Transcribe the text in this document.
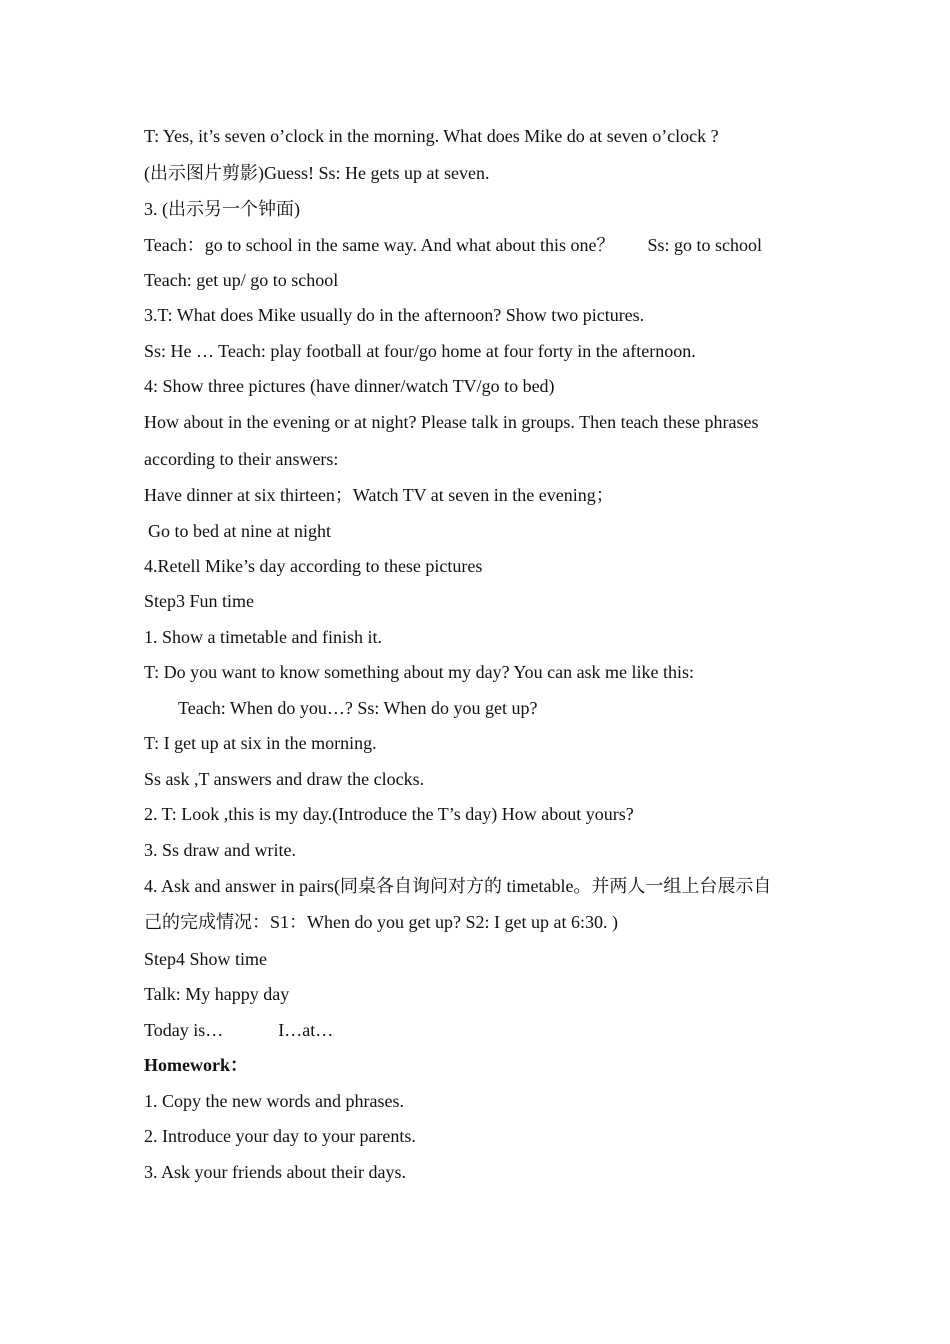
T: Yes, it’s seven o’clock in the morning. What does Mike do at seven o’clock ?
(出示图片剪影)Guess! Ss: He gets up at seven.
3. (出示另一个钟面)
Teach：go to school in the same way. And what about this one？ Ss: go to school
Teach: get up/ go to school
3.T: What does Mike usually do in the afternoon? Show two pictures.
Ss: He … Teach: play football at four/go home at four forty in the afternoon.
4: Show three pictures (have dinner/watch TV/go to bed)
How about in the evening or at night? Please talk in groups. Then teach these phrases
according to their answers:
Have dinner at six thirteen；Watch TV at seven in the evening；
Go to bed at nine at night
4.Retell Mike’s day according to these pictures
Step3 Fun time
1. Show a timetable and finish it.
T: Do you want to know something about my day? You can ask me like this:
Teach: When do you…? Ss: When do you get up?
T: I get up at six in the morning.
Ss ask ,T answers and draw the clocks.
2. T: Look ,this is my day.(Introduce the T’s day) How about yours?
3. Ss draw and write.
4. Ask and answer in pairs(同桌各自询问对方的 timetable。并两人一组上台展示自
己的完成情况：S1：When do you get up? S2: I get up at 6:30. )
Step4 Show time
Talk: My happy day
Today is…	I…at…
Homework：
1. Copy the new words and phrases.
2. Introduce your day to your parents.
3. Ask your friends about their days.
